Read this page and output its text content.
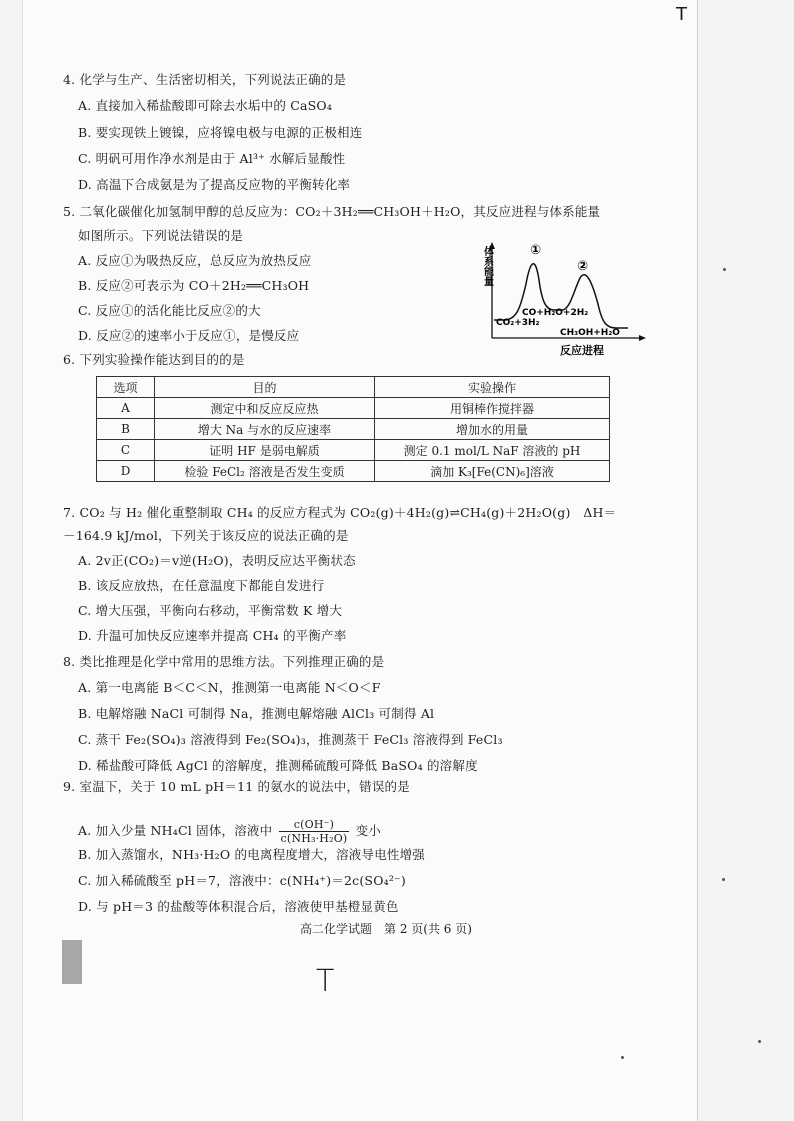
T
4. 化学与生产、生活密切相关，下列说法正确的是
A. 直接加入稀盐酸即可除去水垢中的 CaSO₄
B. 要实现铁上镀镍，应将镍电极与电源的正极相连
C. 明矾可用作净水剂是由于 Al³⁺ 水解后显酸性
D. 高温下合成氨是为了提高反应物的平衡转化率
5. 二氧化碳催化加氢制甲醇的总反应为：CO₂＋3H₂══CH₃OH＋H₂O，其反应进程与体系能量
如图所示。下列说法错误的是
A. 反应①为吸热反应，总反应为放热反应
B. 反应②可表示为 CO＋2H₂══CH₃OH
C. 反应①的活化能比反应②的大
D. 反应②的速率小于反应①，是慢反应
体系能量
反应进程
①
②
CO₂+3H₂
CO+H₂O+2H₂
CH₃OH+H₂O
6. 下列实验操作能达到目的的是
选项	目的	实验操作
A	测定中和反应反应热	用铜棒作搅拌器
B	增大 Na 与水的反应速率	增加水的用量
C	证明 HF 是弱电解质	测定 0.1 mol/L NaF 溶液的 pH
D	检验 FeCl₂ 溶液是否发生变质	滴加 K₃[Fe(CN)₆]溶液
7. CO₂ 与 H₂ 催化重整制取 CH₄ 的反应方程式为 CO₂(g)＋4H₂(g)⇌CH₄(g)＋2H₂O(g)　ΔH＝
－164.9 kJ/mol，下列关于该反应的说法正确的是
A. 2v正(CO₂)＝v逆(H₂O)，表明反应达平衡状态
B. 该反应放热，在任意温度下都能自发进行
C. 增大压强，平衡向右移动，平衡常数 K 增大
D. 升温可加快反应速率并提高 CH₄ 的平衡产率
8. 类比推理是化学中常用的思维方法。下列推理正确的是
A. 第一电离能 B＜C＜N，推测第一电离能 N＜O＜F
B. 电解熔融 NaCl 可制得 Na，推测电解熔融 AlCl₃ 可制得 Al
C. 蒸干 Fe₂(SO₄)₃ 溶液得到 Fe₂(SO₄)₃，推测蒸干 FeCl₃ 溶液得到 FeCl₃
D. 稀盐酸可降低 AgCl 的溶解度，推测稀硫酸可降低 BaSO₄ 的溶解度
9. 室温下，关于 10 mL pH＝11 的氨水的说法中，错误的是
A. 加入少量 NH₄Cl 固体，溶液中 $\frac{c(OH^-)}{\text{c(NH₃·H₂O)}}$ 变小
B. 加入蒸馏水，NH₃·H₂O 的电离程度增大，溶液导电性增强
C. 加入稀硫酸至 pH＝7，溶液中：c(NH₄⁺)＝2c(SO₄²⁻)
D. 与 pH＝3 的盐酸等体积混合后，溶液使甲基橙显黄色
高二化学试题　第 2 页(共 6 页)
T
